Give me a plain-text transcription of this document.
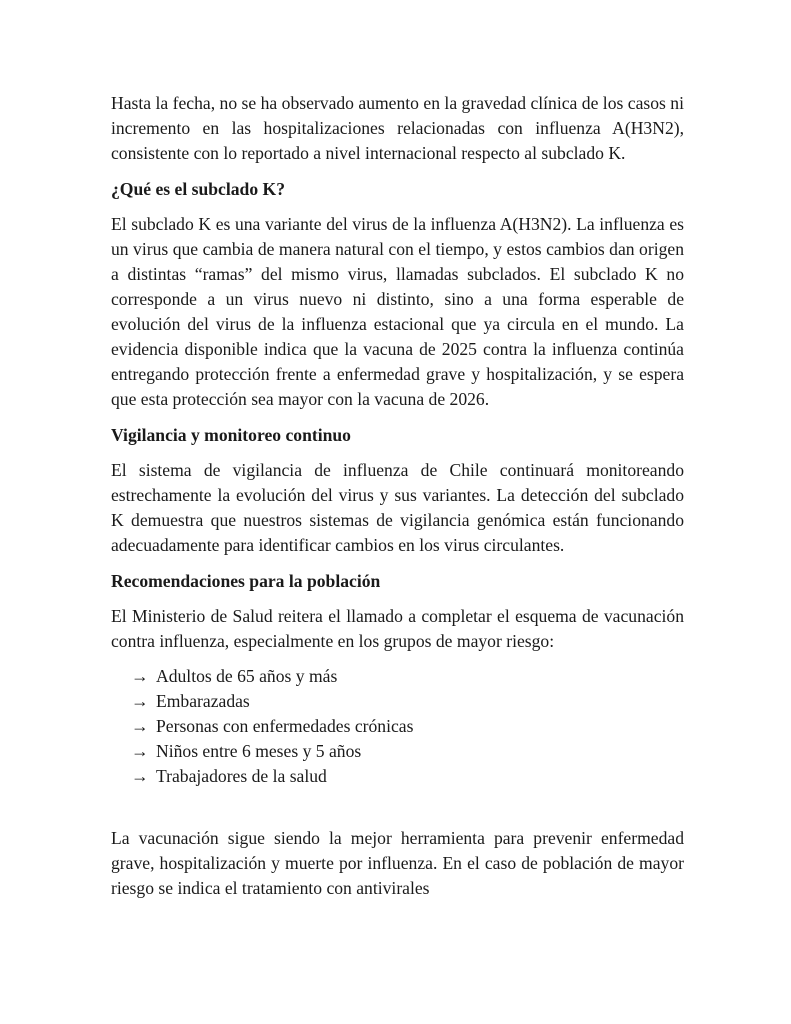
Hasta la fecha, no se ha observado aumento en la gravedad clínica de los casos ni incremento en las hospitalizaciones relacionadas con influenza A(H3N2), consistente con lo reportado a nivel internacional respecto al subclado K.

¿Qué es el subclado K?

El subclado K es una variante del virus de la influenza A(H3N2). La influenza es un virus que cambia de manera natural con el tiempo, y estos cambios dan origen a distintas “ramas” del mismo virus, llamadas subclados. El subclado K no corresponde a un virus nuevo ni distinto, sino a una forma esperable de evolución del virus de la influenza estacional que ya circula en el mundo. La evidencia disponible indica que la vacuna de 2025 contra la influenza continúa entregando protección frente a enfermedad grave y hospitalización, y se espera que esta protección sea mayor con la vacuna de 2026.

Vigilancia y monitoreo continuo

El sistema de vigilancia de influenza de Chile continuará monitoreando estrechamente la evolución del virus y sus variantes. La detección del subclado K demuestra que nuestros sistemas de vigilancia genómica están funcionando adecuadamente para identificar cambios en los virus circulantes.

Recomendaciones para la población

El Ministerio de Salud reitera el llamado a completar el esquema de vacunación contra influenza, especialmente en los grupos de mayor riesgo:

→ Adultos de 65 años y más
→ Embarazadas
→ Personas con enfermedades crónicas
→ Niños entre 6 meses y 5 años
→ Trabajadores de la salud

La vacunación sigue siendo la mejor herramienta para prevenir enfermedad grave, hospitalización y muerte por influenza. En el caso de población de mayor riesgo se indica el tratamiento con antivirales
